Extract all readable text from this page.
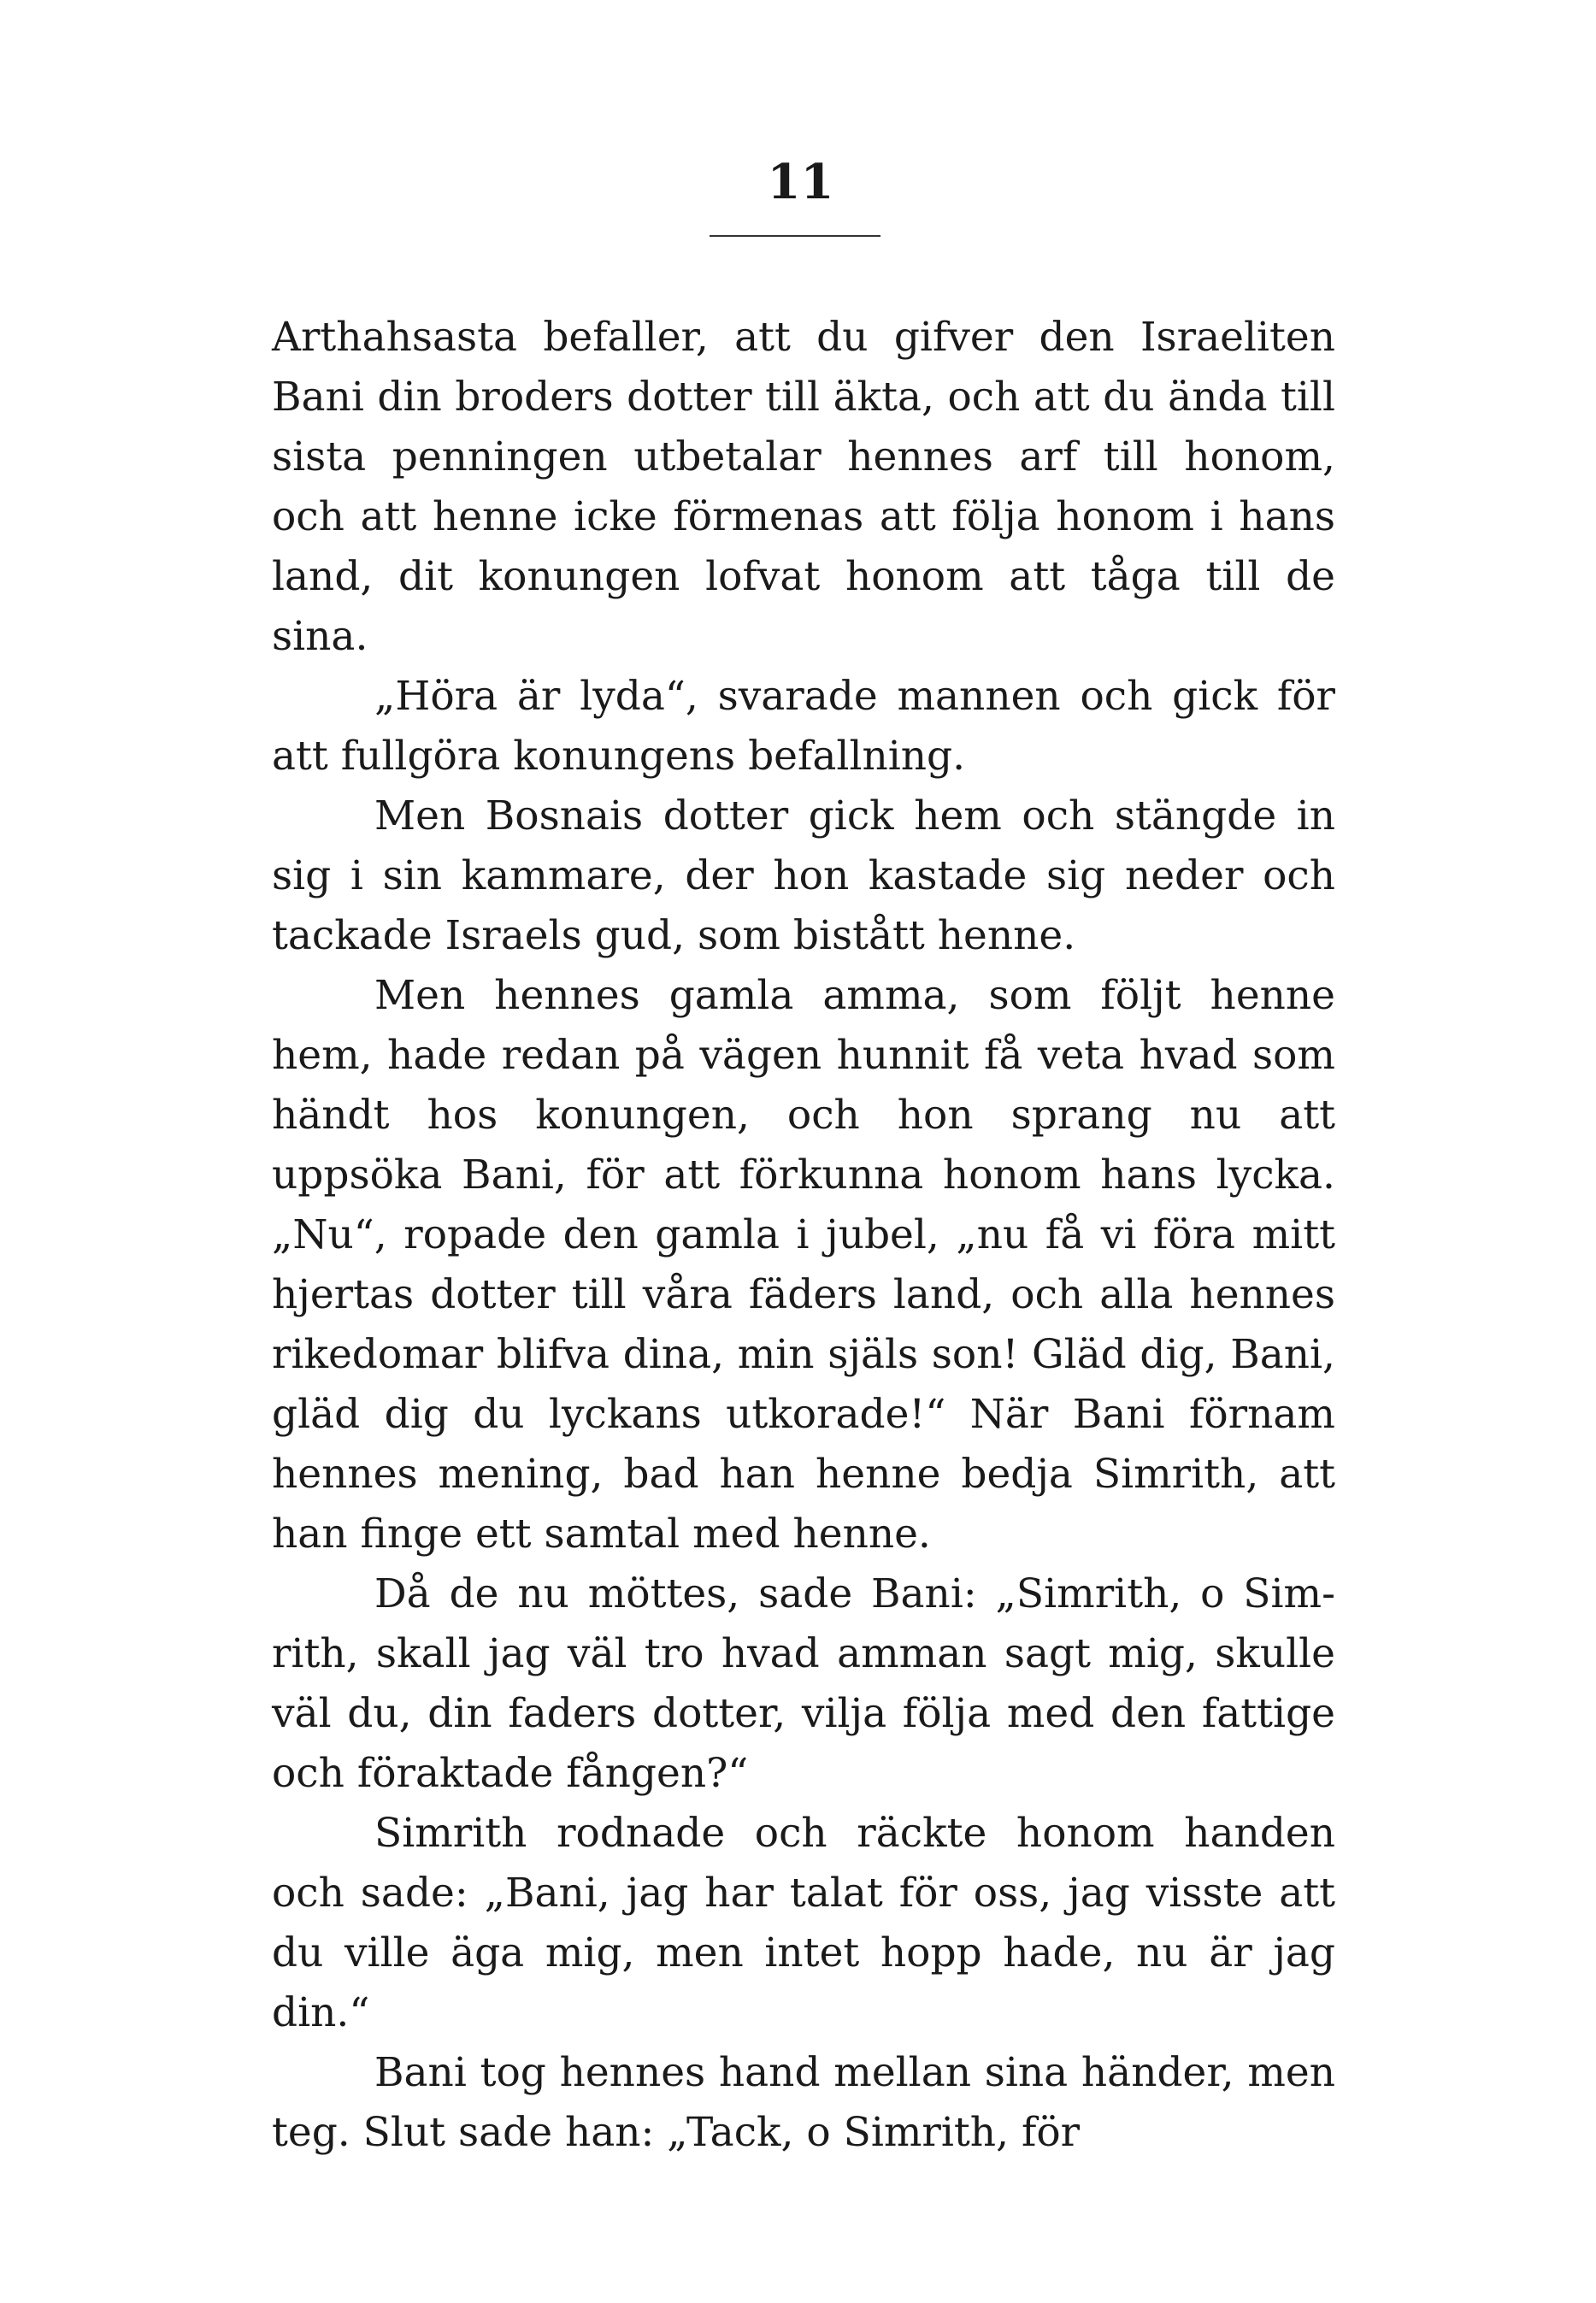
11

Arthahsasta befaller, att du gifver den Israeliten Bani din broders dotter till äkta, och att du ända till sista penningen utbetalar hennes arf till honom, och att henne icke förmenas att följa honom i hans land, dit konungen lofvat honom att tåga till de sina.

„Höra är lyda“, svarade mannen och gick för att fullgöra konungens befallning.

Men Bosnais dotter gick hem och stängde in sig i sin kammare, der hon kastade sig neder och tackade Israels gud, som bistått henne.

Men hennes gamla amma, som följt henne hem, hade redan på vägen hunnit få veta hvad som händt hos konungen, och hon sprang nu att uppsöka Bani, för att förkunna honom hans lycka. „Nu“, ropade den gamla i jubel, „nu få vi föra mitt hjertas dotter till våra fäders land, och alla hennes rikedomar blifva dina, min själs son! Gläd dig, Bani, gläd dig du lyckans utkorade!“ När Bani förnam hennes mening, bad han henne bedja Simrith, att han finge ett samtal med henne.

Då de nu möttes, sade Bani: „Simrith, o Simrith, skall jag väl tro hvad amman sagt mig, skulle väl du, din faders dotter, vilja följa med den fattige och föraktade fången?“

Simrith rodnade och räckte honom handen och sade: „Bani, jag har talat för oss, jag visste att du ville äga mig, men intet hopp hade, nu är jag din.“

Bani tog hennes hand mellan sina händer, men teg. Slut sade han: „Tack, o Simrith, för
